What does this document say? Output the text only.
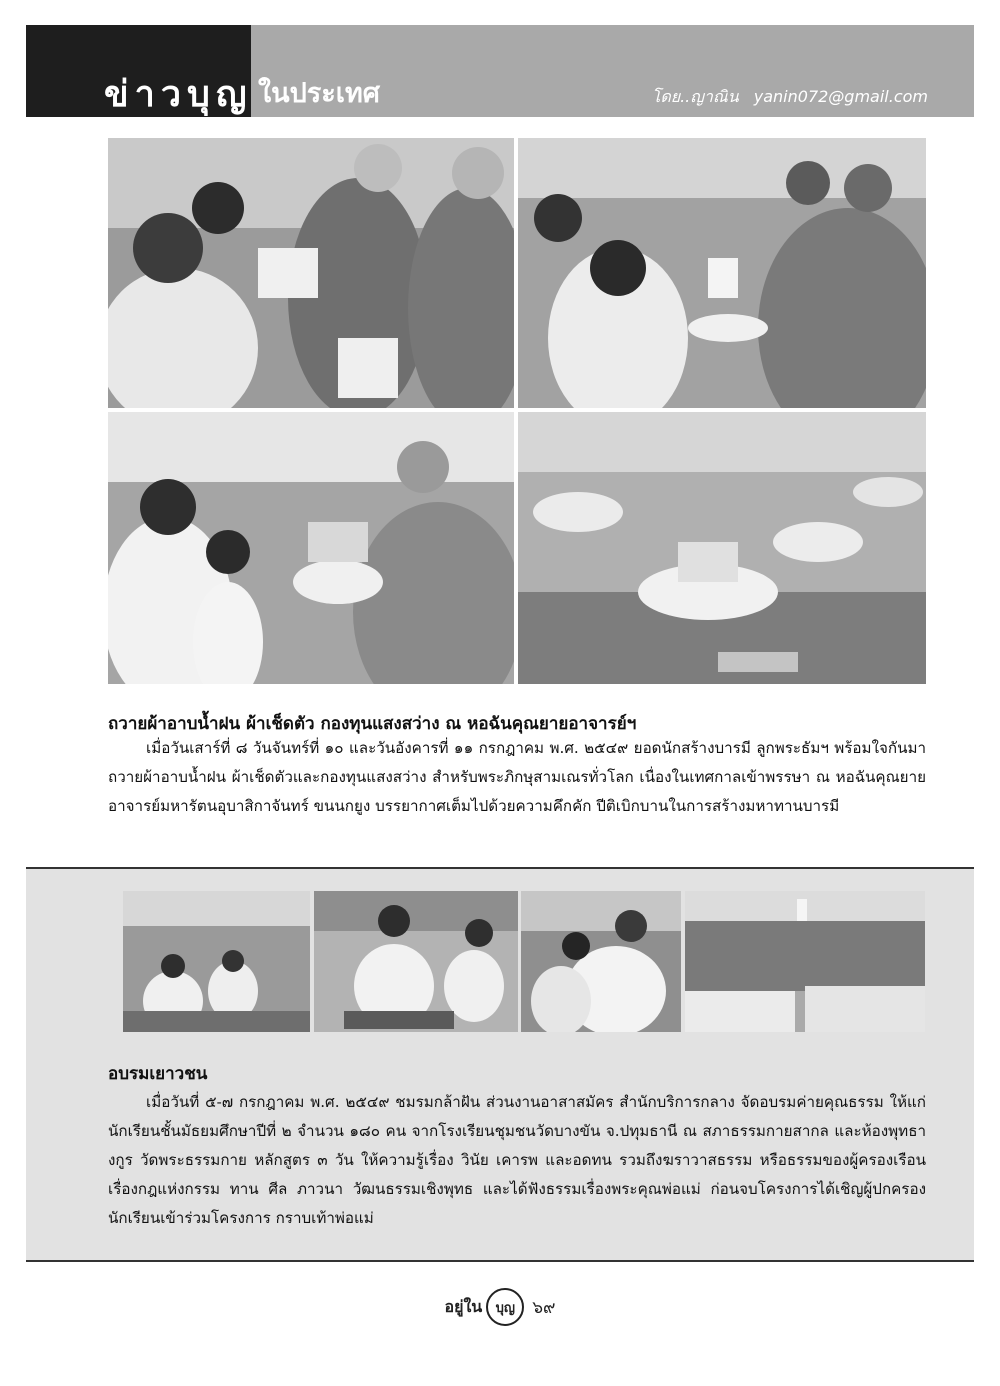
ข่าวบุญ ในประเทศ	โดย..ญาณิน yanin072@gmail.com
ถวายผ้าอาบน้ำฝน ผ้าเช็ดตัว กองทุนแสงสว่าง ณ หอฉันคุณยายอาจารย์ฯ

เมื่อวันเสาร์ที่ ๘ วันจันทร์ที่ ๑๐ และวันอังคารที่ ๑๑ กรกฎาคม พ.ศ. ๒๕๔๙ ยอดนักสร้างบารมี ลูกพระธัมฯ พร้อมใจกันมาถวายผ้าอาบน้ำฝน ผ้าเช็ดตัวและกองทุนแสงสว่าง สำหรับพระภิกษุสามเณรทั่วโลก เนื่องในเทศกาลเข้าพรรษา ณ หอฉันคุณยายอาจารย์มหารัตนอุบาสิกาจันทร์ ขนนกยูง บรรยากาศเต็มไปด้วยความคึกคัก ปีติเบิกบานในการสร้างมหาทานบารมี

อบรมเยาวชน

เมื่อวันที่ ๕-๗ กรกฎาคม พ.ศ. ๒๕๔๙ ชมรมกล้าฝัน ส่วนงานอาสาสมัคร สำนักบริการกลาง จัดอบรมค่ายคุณธรรม ให้แก่นักเรียนชั้นมัธยมศึกษาปีที่ ๒ จำนวน ๑๘๐ คน จากโรงเรียนชุมชนวัดบางขัน จ.ปทุมธานี ณ สภาธรรมกายสากล และห้องพุทธางกูร วัดพระธรรมกาย หลักสูตร ๓ วัน ให้ความรู้เรื่อง วินัย เคารพ และอดทน รวมถึงฆราวาสธรรม หรือธรรมของผู้ครองเรือน เรื่องกฎแห่งกรรม ทาน ศีล ภาวนา วัฒนธรรมเชิงพุทธ และได้ฟังธรรมเรื่องพระคุณพ่อแม่ ก่อนจบโครงการได้เชิญผู้ปกครองนักเรียนเข้าร่วมโครงการ กราบเท้าพ่อแม่

อยู่ใน	บุญ	๖๙
